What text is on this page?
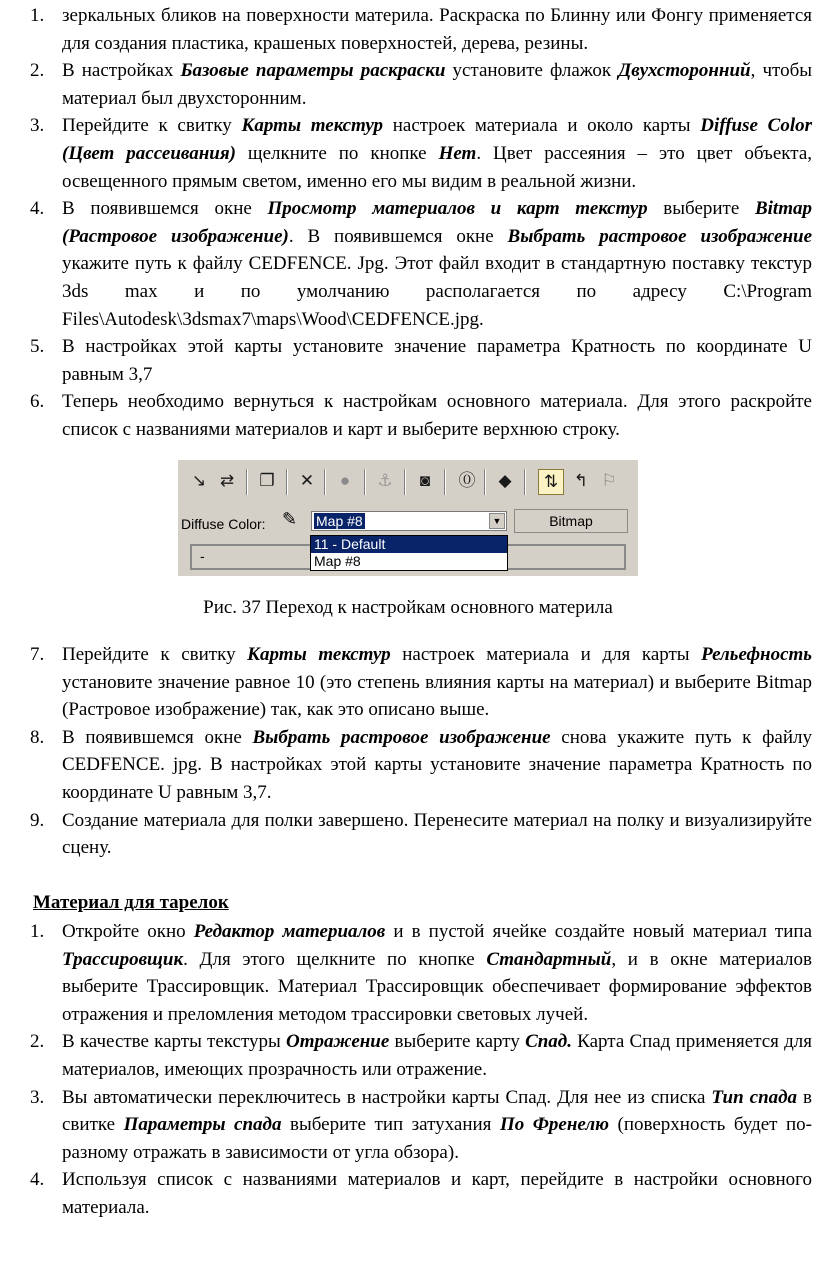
1. зеркальных бликов на поверхности материла. Раскраска по Блинну или Фонгу применяется для создания пластика, крашеных поверхностей, дерева, резины.
2. В настройках Базовые параметры раскраски установите флажок Двухсторонний, чтобы материал был двухсторонним.
3. Перейдите к свитку Карты текстур настроек материала и около карты Diffuse Color (Цвет рассеивания) щелкните по кнопке Нет. Цвет рассеяния – это цвет объекта, освещенного прямым светом, именно его мы видим в реальной жизни.
4. В появившемся окне Просмотр материалов и карт текстур выберите Bitmap (Растровое изображение). В появившемся окне Выбрать растровое изображение укажите путь к файлу CEDFENCE. Jpg. Этот файл входит в стандартную поставку текстур 3ds max и по умолчанию располагается по адресу C:\Program Files\Autodesk\3dsmax7\maps\Wood\CEDFENCE.jpg.
5. В настройках этой карты установите значение параметра Кратность по координате U равным 3,7
6. Теперь необходимо вернуться к настройкам основного материала. Для этого раскройте список с названиями материалов и карт и выберите верхнюю строку.
↘ ⇄ ❐ ✕	●	⚓	◙	⓪ ◆	⇅ ↰ ⚐
Diffuse Color: ✎ Map #8	▼	Bitmap
-
11 - Default
Map #8
Рис. 37 Переход к настройкам основного материла
7. Перейдите к свитку Карты текстур настроек материала и для карты Рельефность установите значение равное 10 (это степень влияния карты на материал) и выберите Bitmap (Растровое изображение) так, как это описано выше.
8. В появившемся окне Выбрать растровое изображение снова укажите путь к файлу CEDFENCE. jpg. В настройках этой карты установите значение параметра Кратность по координате U равным 3,7.
9. Создание материала для полки завершено. Перенесите материал на полку и визуализируйте сцену.
Материал для тарелок
1. Откройте окно Редактор материалов и в пустой ячейке создайте новый материал типа Трассировщик. Для этого щелкните по кнопке Стандартный, и в окне материалов выберите Трассировщик. Материал Трассировщик обеспечивает формирование эффектов отражения и преломления методом трассировки световых лучей.
2. В качестве карты текстуры Отражение выберите карту Спад. Карта Спад применяется для материалов, имеющих прозрачность или отражение.
3. Вы автоматически переключитесь в настройки карты Спад. Для нее из списка Тип спада в свитке Параметры спада выберите тип затухания По Френелю (поверхность будет по-разному отражать в зависимости от угла обзора).
4. Используя список с названиями материалов и карт, перейдите в настройки основного материала.
